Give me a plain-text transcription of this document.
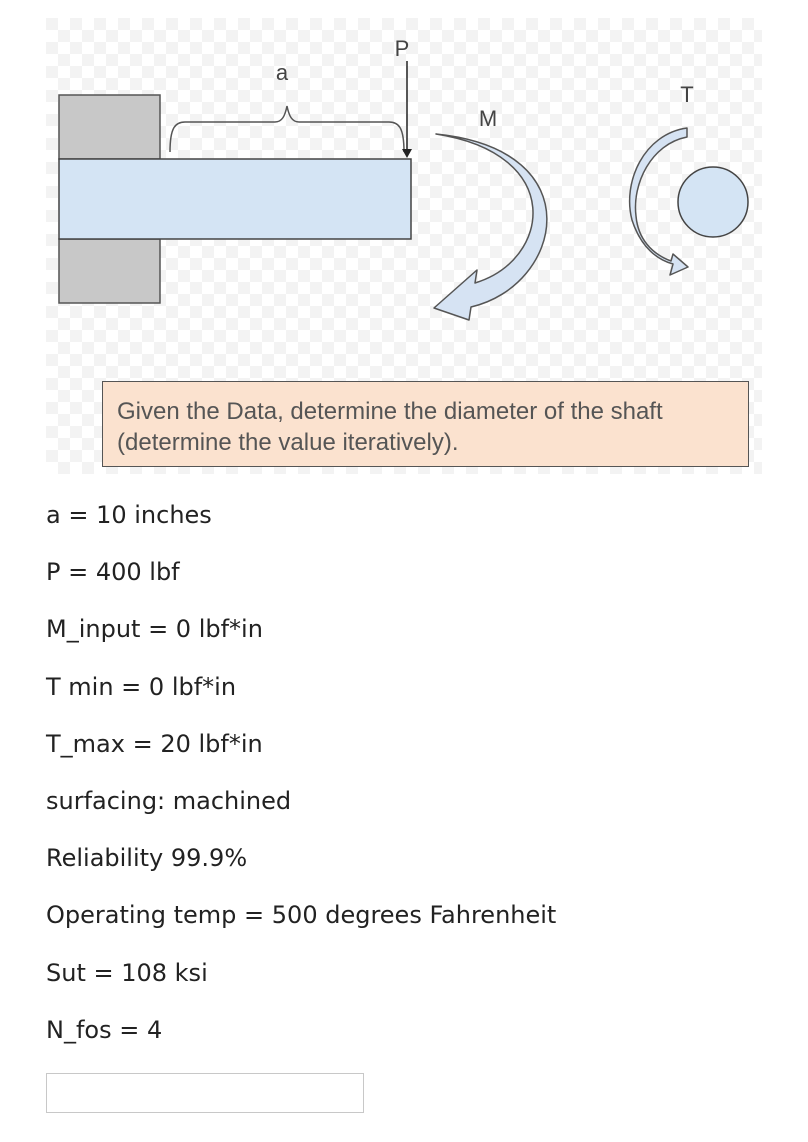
a
P
M
T
Given the Data, determine the diameter of the shaft (determine the value iteratively).
a = 10 inches
P = 400 lbf
M_input = 0 lbf*in
T min = 0 lbf*in
T_max = 20 lbf*in
surfacing: machined
Reliability 99.9%
Operating temp = 500 degrees Fahrenheit
Sut = 108 ksi
N_fos = 4
